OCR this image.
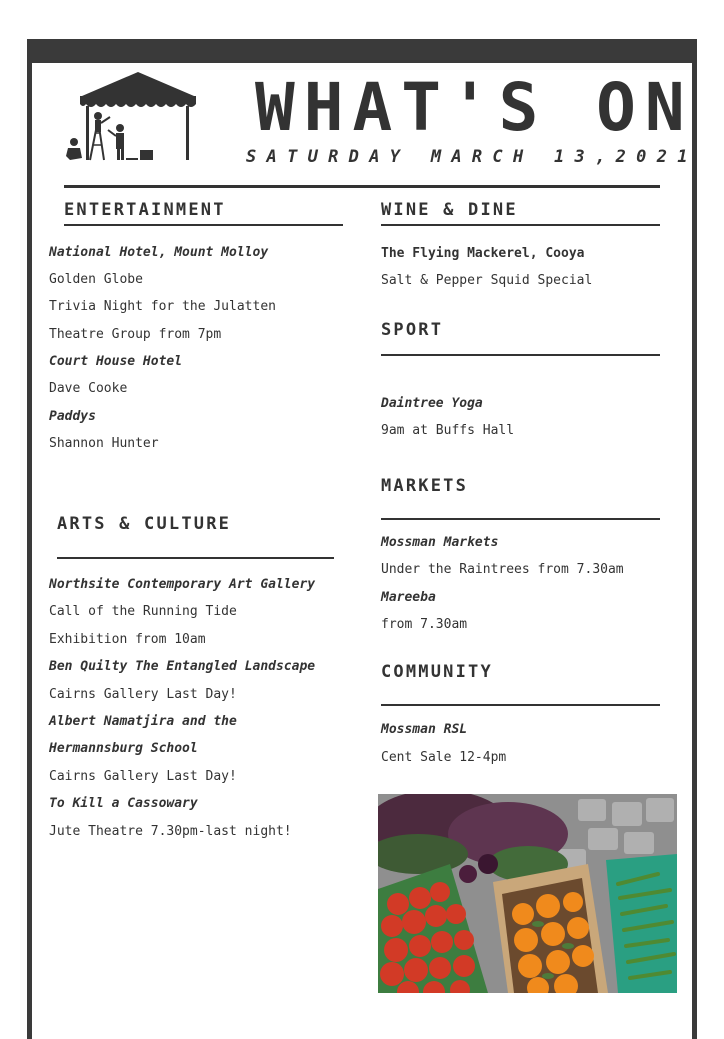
WHAT'S ON
SATURDAY MARCH 13,2021
ENTERTAINMENT
National Hotel, Mount Molloy
Golden Globe
Trivia Night for the Julatten
Theatre Group from 7pm
Court House Hotel
Dave Cooke
Paddys
Shannon Hunter
ARTS & CULTURE
Northsite Contemporary Art Gallery
Call of the Running Tide
Exhibition from 10am
Ben Quilty The Entangled Landscape
Cairns Gallery Last Day!
Albert Namatjira and the
Hermannsburg School
Cairns Gallery Last Day!
To Kill a Cassowary
Jute Theatre 7.30pm-last night!
WINE & DINE
The Flying Mackerel, Cooya
Salt & Pepper Squid Special
SPORT
Daintree Yoga
9am at Buffs Hall
MARKETS
Mossman Markets
Under the Raintrees from 7.30am
Mareeba
from 7.30am
COMMUNITY
Mossman RSL
Cent Sale 12-4pm
